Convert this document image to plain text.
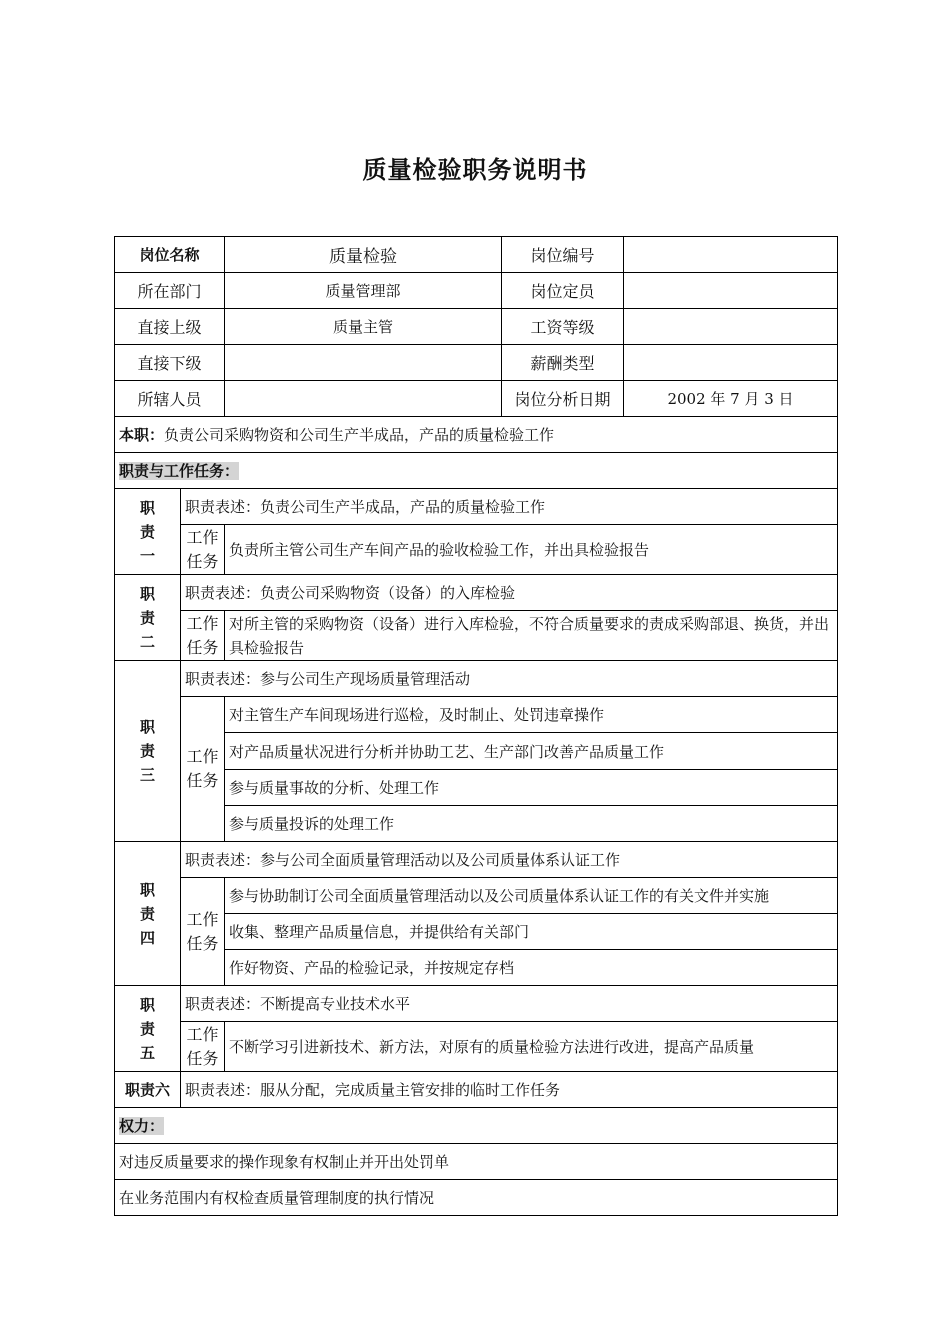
质量检验职务说明书
岗位名称		质量检验	岗位编号	
所在部门		质量管理部	岗位定员	
直接上级		质量主管	工资等级	
直接下级			薪酬类型	
所辖人员			岗位分析日期	2002 年 7 月 3 日
本职：负责公司采购物资和公司生产半成品，产品的质量检验工作				
职责与工作任务：				
职责一	职责表述：负责公司生产半成品，产品的质量检验工作			
	工作任务	负责所主管公司生产车间产品的验收检验工作，并出具检验报告		
职责二	职责表述：负责公司采购物资（设备）的入库检验			
	工作任务	对所主管的采购物资（设备）进行入库检验，不符合质量要求的责成采购部退、换货，并出具检验报告		
职责三	职责表述：参与公司生产现场质量管理活动			
	工作任务	对主管生产车间现场进行巡检，及时制止、处罚违章操作		
		对产品质量状况进行分析并协助工艺、生产部门改善产品质量工作		
		参与质量事故的分析、处理工作		
		参与质量投诉的处理工作		
职责四	职责表述：参与公司全面质量管理活动以及公司质量体系认证工作			
	工作任务	参与协助制订公司全面质量管理活动以及公司质量体系认证工作的有关文件并实施		
		收集、整理产品质量信息，并提供给有关部门		
		作好物资、产品的检验记录，并按规定存档		
职责五	职责表述：不断提高专业技术水平			
	工作任务	不断学习引进新技术、新方法，对原有的质量检验方法进行改进，提高产品质量		
职责六	职责表述：服从分配，完成质量主管安排的临时工作任务			
权力：				
对违反质量要求的操作现象有权制止并开出处罚单				
在业务范围内有权检查质量管理制度的执行情况				
